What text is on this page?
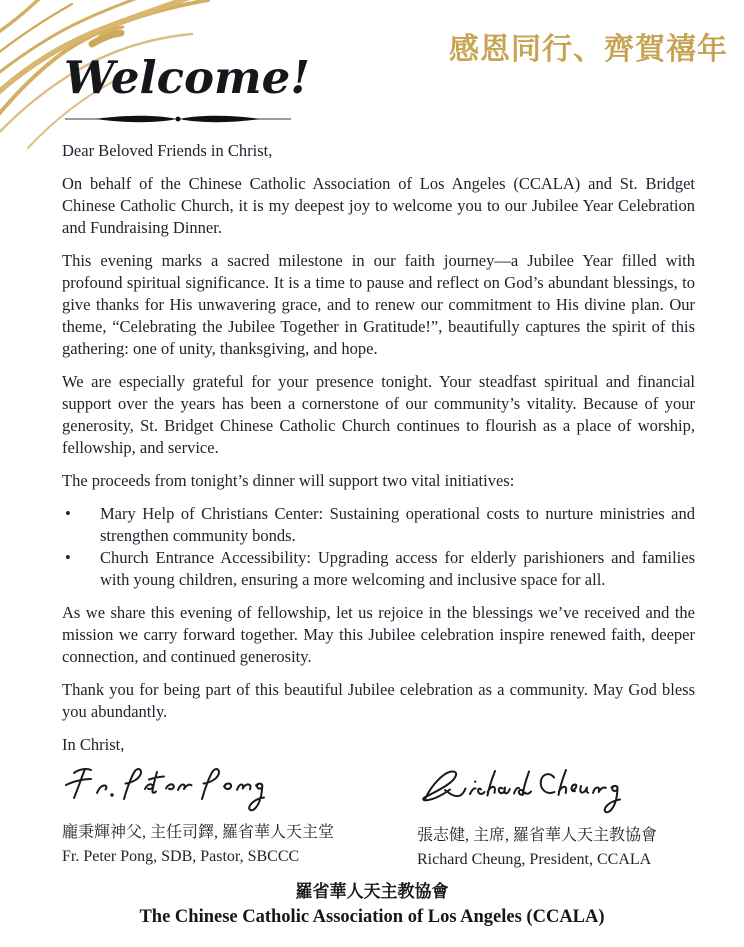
感恩同行、齊賀禧年
Welcome!

Dear Beloved Friends in Christ,

On behalf of the Chinese Catholic Association of Los Angeles (CCALA) and St. Bridget Chinese Catholic Church, it is my deepest joy to welcome you to our Jubilee Year Celebration and Fundraising Dinner.

This evening marks a sacred milestone in our faith journey—a Jubilee Year filled with profound spiritual significance. It is a time to pause and reflect on God’s abundant blessings, to give thanks for His unwavering grace, and to renew our commitment to His divine plan. Our theme, “Celebrating the Jubilee Together in Gratitude!”, beautifully captures the spirit of this gathering: one of unity, thanksgiving, and hope.

We are especially grateful for your presence tonight. Your steadfast spiritual and financial support over the years has been a cornerstone of our community’s vitality. Because of your generosity, St. Bridget Chinese Catholic Church continues to flourish as a place of worship, fellowship, and service.

The proceeds from tonight’s dinner will support two vital initiatives:

• Mary Help of Christians Center: Sustaining operational costs to nurture ministries and strengthen community bonds.
• Church Entrance Accessibility: Upgrading access for elderly parishioners and families with young children, ensuring a more welcoming and inclusive space for all.

As we share this evening of fellowship, let us rejoice in the blessings we’ve received and the mission we carry forward together. May this Jubilee celebration inspire renewed faith, deeper connection, and continued generosity.

Thank you for being part of this beautiful Jubilee celebration as a community. May God bless you abundantly.

In Christ,

龐秉輝神父, 主任司鐸, 羅省華人天主堂
Fr. Peter Pong, SDB, Pastor, SBCCC
張志健, 主席, 羅省華人天主教協會
Richard Cheung, President, CCALA
羅省華人天主教協會
The Chinese Catholic Association of Los Angeles (CCALA)
